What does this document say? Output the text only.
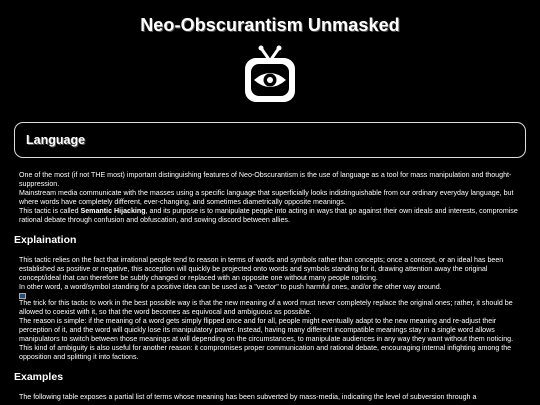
Neo-Obscurantism Unmasked
Language
One of the most (if not THE most) important distinguishing features of Neo-Obscurantism is the use of language as a tool for mass manipulation and thought-suppression.
Mainstream media communicate with the masses using a specific language that superficially looks indistinguishable from our ordinary everyday language, but where words have completely different, ever-changing, and sometimes diametrically opposite meanings.
This tactic is called Semantic Hijacking, and its purpose is to manipulate people into acting in ways that go against their own ideals and interests, compromise rational debate through confusion and obfuscation, and sowing discord between allies.
Explaination
This tactic relies on the fact that irrational people tend to reason in terms of words and symbols rather than concepts; once a concept, or an ideal has been established as positive or negative, this acception will quickly be projected onto words and symbols standing for it, drawing attention away the original concept/ideal that can therefore be subtly changed or replaced with an opposite one without many people noticing.
In other word, a word/symbol standing for a positive idea can be used as a "vector" to push harmful ones, and/or the other way around.
The trick for this tactic to work in the best possible way is that the new meaning of a word must never completely replace the original ones; rather, it should be allowed to coexist with it, so that the word becomes as equivocal and ambiguous as possible.
The reason is simple: if the meaning of a word gets simply flipped once and for all, people might eventually adapt to the new meaning and re-adjust their perception of it, and the word will quickly lose its manipulatory power. Instead, having many different incompatible meanings stay in a single word allows manipulators to switch between those meanings at will depending on the circumstances, to manipulate audiences in any way they want without them noticing.
This kind of ambiguity is also useful for another reason: it compromises proper communication and rational debate, encouraging internal infighting among the opposition and splitting it into factions.
Examples
The following table exposes a partial list of terms whose meaning has been subverted by mass-media, indicating the level of subversion through a
